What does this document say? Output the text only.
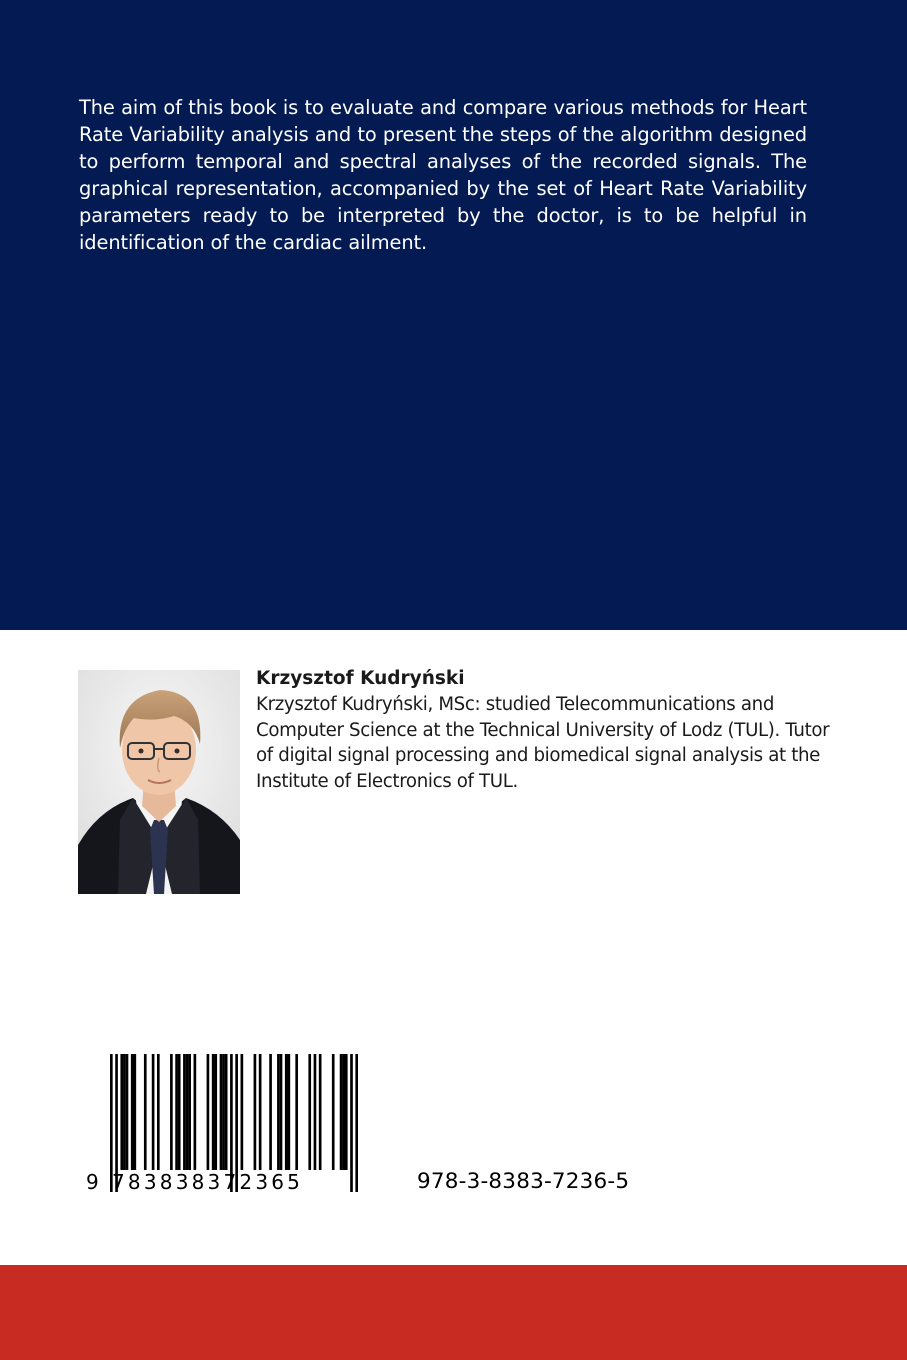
The aim of this book is to evaluate and compare various methods for Heart Rate Variability analysis and to present the steps of the algorithm designed to perform temporal and spectral analyses of the recorded signals. The graphical representation, accompanied by the set of Heart Rate Variability parameters ready to be interpreted by the doctor, is to be helpful in identification of the cardiac ailment.

Krzysztof Kudryński

Krzysztof Kudryński, MSc: studied Telecommunications and Computer Science at the Technical University of Lodz (TUL). Tutor of digital signal processing and biomedical signal analysis at the Institute of Electronics of TUL.

9 783838372365	978-3-8383-7236-5
